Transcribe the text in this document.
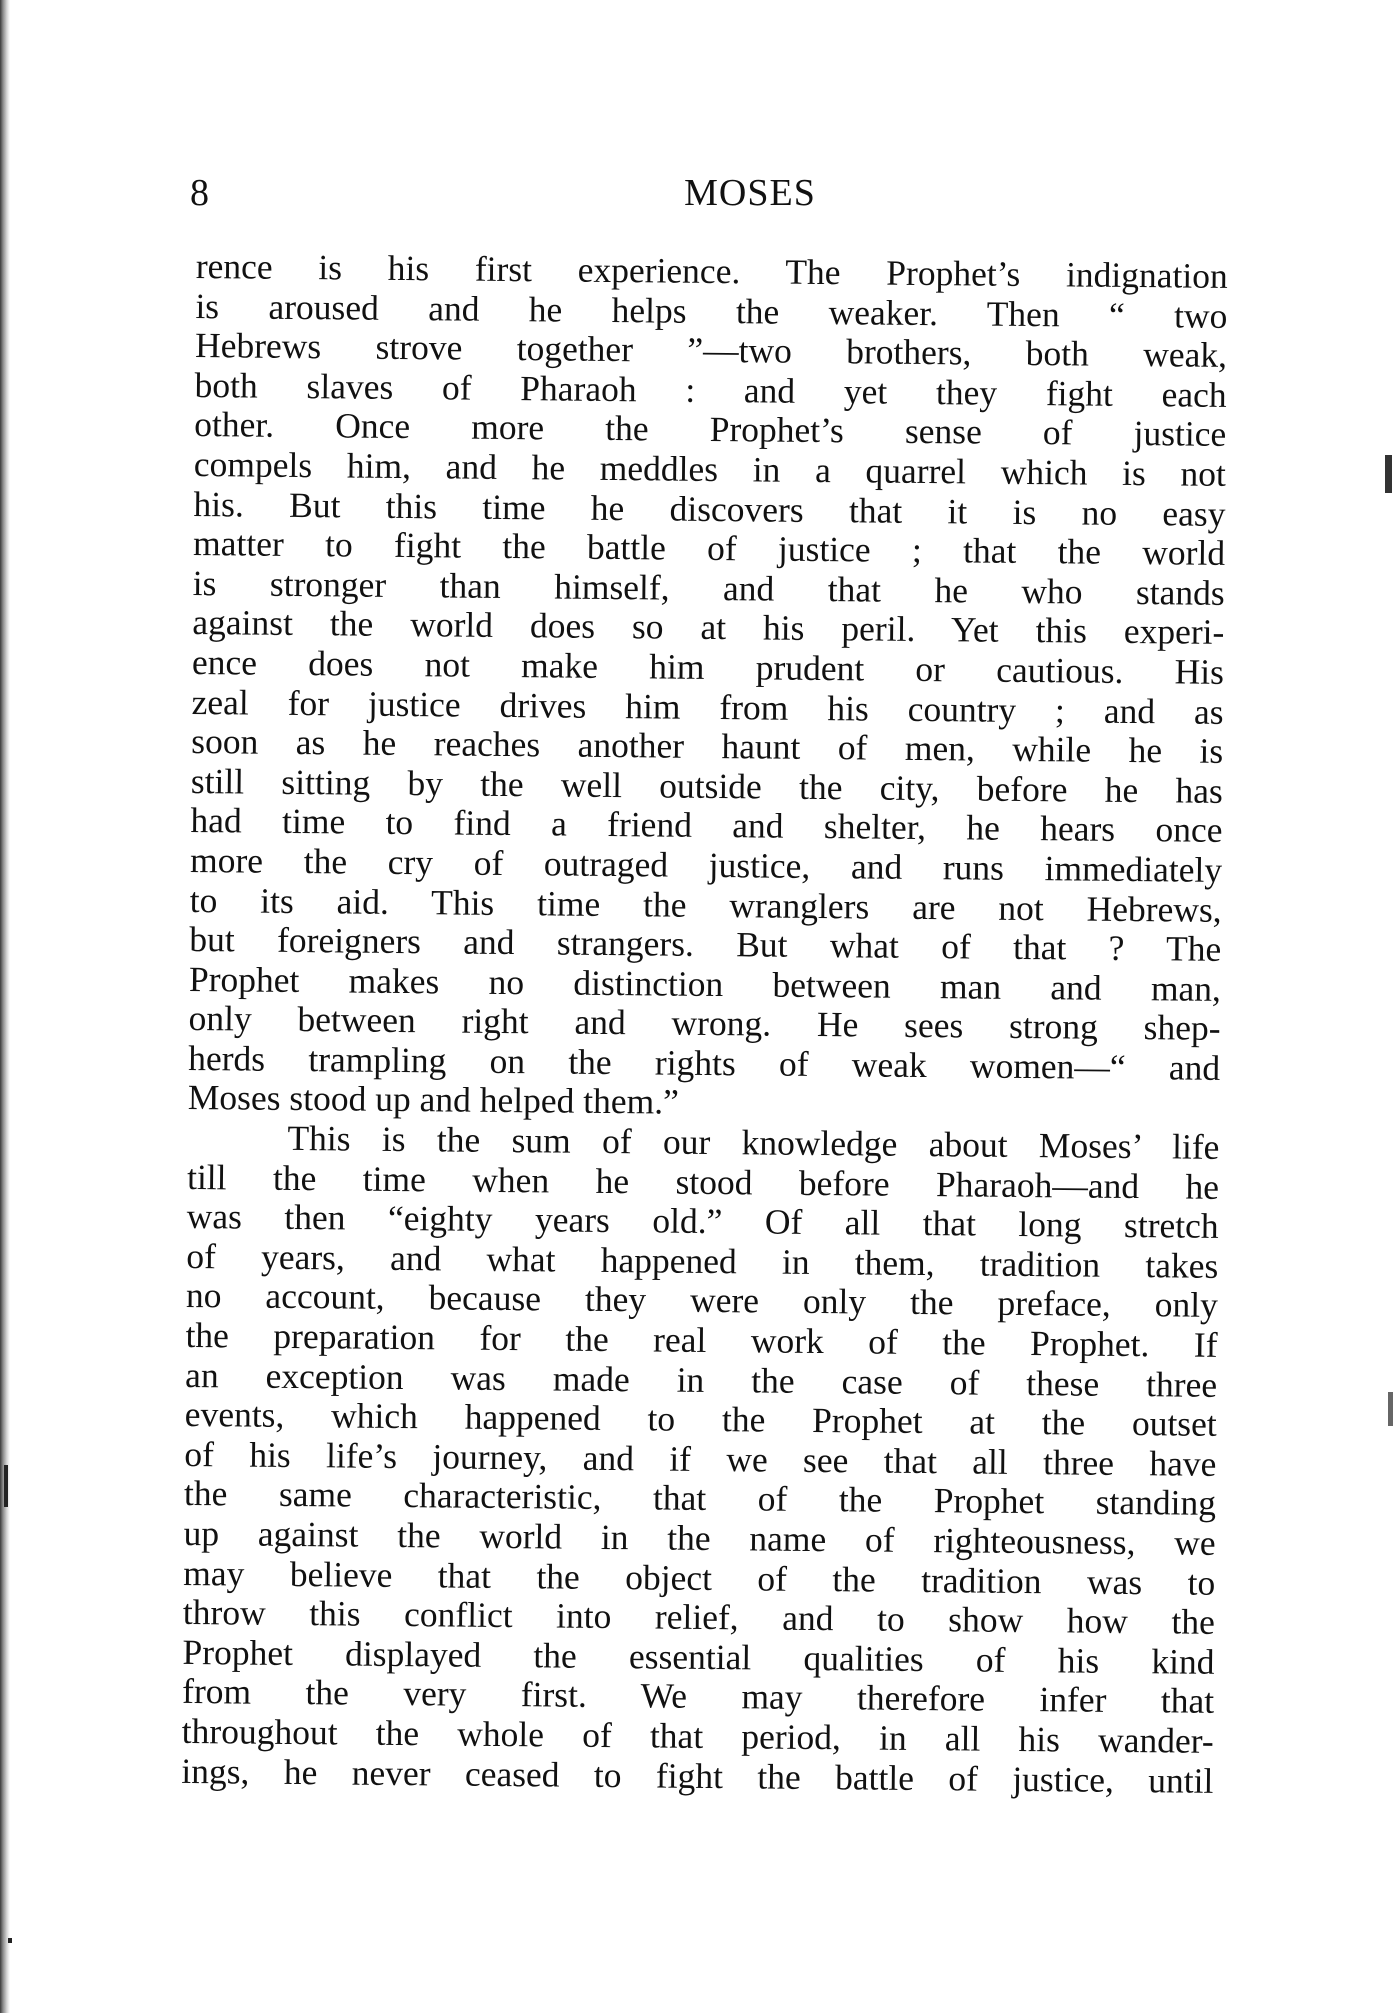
8	MOSES
rence is his first experience. The Prophet’s indignation
is aroused and he helps the weaker. Then “ two
Hebrews strove together ”—two brothers, both weak,
both slaves of Pharaoh : and yet they fight each
other. Once more the Prophet’s sense of justice
compels him, and he meddles in a quarrel which is not
his. But this time he discovers that it is no easy
matter to fight the battle of justice ; that the world
is stronger than himself, and that he who stands
against the world does so at his peril. Yet this experi-
ence does not make him prudent or cautious. His
zeal for justice drives him from his country ; and as
soon as he reaches another haunt of men, while he is
still sitting by the well outside the city, before he has
had time to find a friend and shelter, he hears once
more the cry of outraged justice, and runs immediately
to its aid. This time the wranglers are not Hebrews,
but foreigners and strangers. But what of that ? The
Prophet makes no distinction between man and man,
only between right and wrong. He sees strong shep-
herds trampling on the rights of weak women—“ and
Moses stood up and helped them.”
This is the sum of our knowledge about Moses’ life
till the time when he stood before Pharaoh—and he
was then “eighty years old.” Of all that long stretch
of years, and what happened in them, tradition takes
no account, because they were only the preface, only
the preparation for the real work of the Prophet. If
an exception was made in the case of these three
events, which happened to the Prophet at the outset
of his life’s journey, and if we see that all three have
the same characteristic, that of the Prophet standing
up against the world in the name of righteousness, we
may believe that the object of the tradition was to
throw this conflict into relief, and to show how the
Prophet displayed the essential qualities of his kind
from the very first. We may therefore infer that
throughout the whole of that period, in all his wander-
ings, he never ceased to fight the battle of justice, until
